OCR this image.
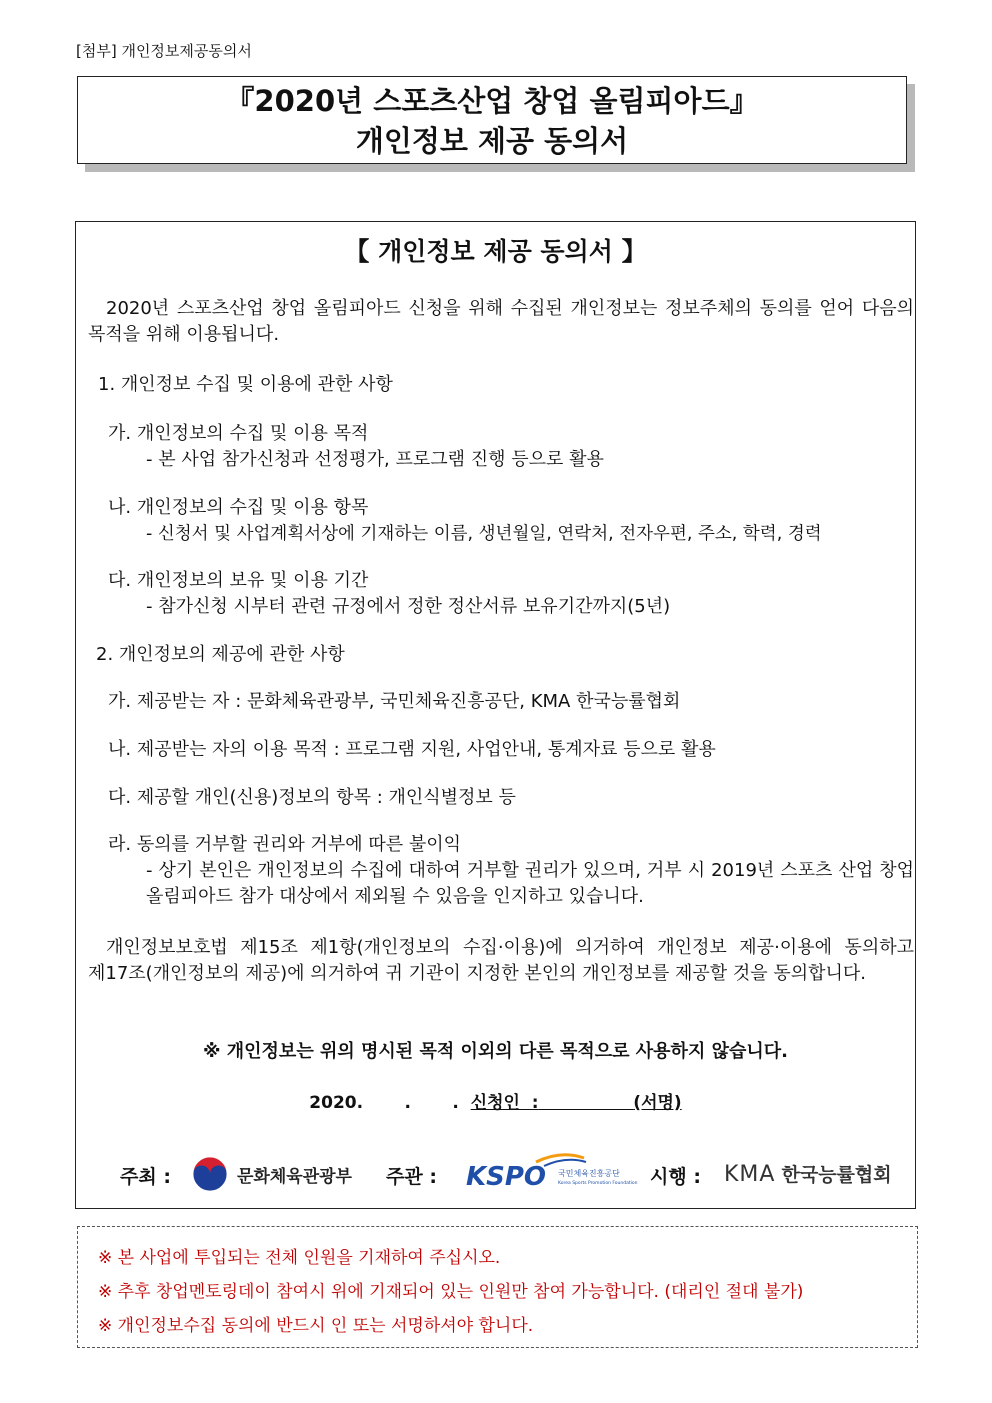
[첨부] 개인정보제공동의서
『2020년 스포츠산업 창업 올림피아드』
개인정보 제공 동의서
【 개인정보 제공 동의서 】
2020년 스포츠산업 창업 올림피아드 신청을 위해 수집된 개인정보는 정보주체의 동의를 얻어 다음의 목적을 위해 이용됩니다.
1. 개인정보 수집 및 이용에 관한 사항
가. 개인정보의 수집 및 이용 목적
- 본 사업 참가신청과 선정평가, 프로그램 진행 등으로 활용
나. 개인정보의 수집 및 이용 항목
- 신청서 및 사업계획서상에 기재하는 이름, 생년월일, 연락처, 전자우편, 주소, 학력, 경력
다. 개인정보의 보유 및 이용 기간
- 참가신청 시부터 관련 규정에서 정한 정산서류 보유기간까지(5년)
2. 개인정보의 제공에 관한 사항
가. 제공받는 자 : 문화체육관광부, 국민체육진흥공단, KMA 한국능률협회
나. 제공받는 자의 이용 목적 : 프로그램 지원, 사업안내, 통계자료 등으로 활용
다. 제공할 개인(신용)정보의 항목 : 개인식별정보 등
라. 동의를 거부할 권리와 거부에 따른 불이익
- 상기 본인은 개인정보의 수집에 대하여 거부할 권리가 있으며, 거부 시 2019년 스포츠 산업 창업 올림피아드 참가 대상에서 제외될 수 있음을 인지하고 있습니다.
개인정보보호법 제15조 제1항(개인정보의 수집·이용)에 의거하여 개인정보 제공·이용에 동의하고 제17조(개인정보의 제공)에 의거하여 귀 기관이 지정한 본인의 개인정보를 제공할 것을 동의합니다.
※ 개인정보는 위의 명시된 목적 이외의 다른 목적으로 사용하지 않습니다.
2020.       .       . 신청인  :	(서명)
주최 :	문화체육관광부 주관 : KSPO 국민체육진흥공단
Korea Sports Promotion Foundation 시행 : KMA 한국능률협회
※ 본 사업에 투입되는 전체 인원을 기재하여 주십시오.
※ 추후 창업멘토링데이 참여시 위에 기재되어 있는 인원만 참여 가능합니다. (대리인 절대 불가)
※ 개인정보수집 동의에 반드시 인 또는 서명하셔야 합니다.
